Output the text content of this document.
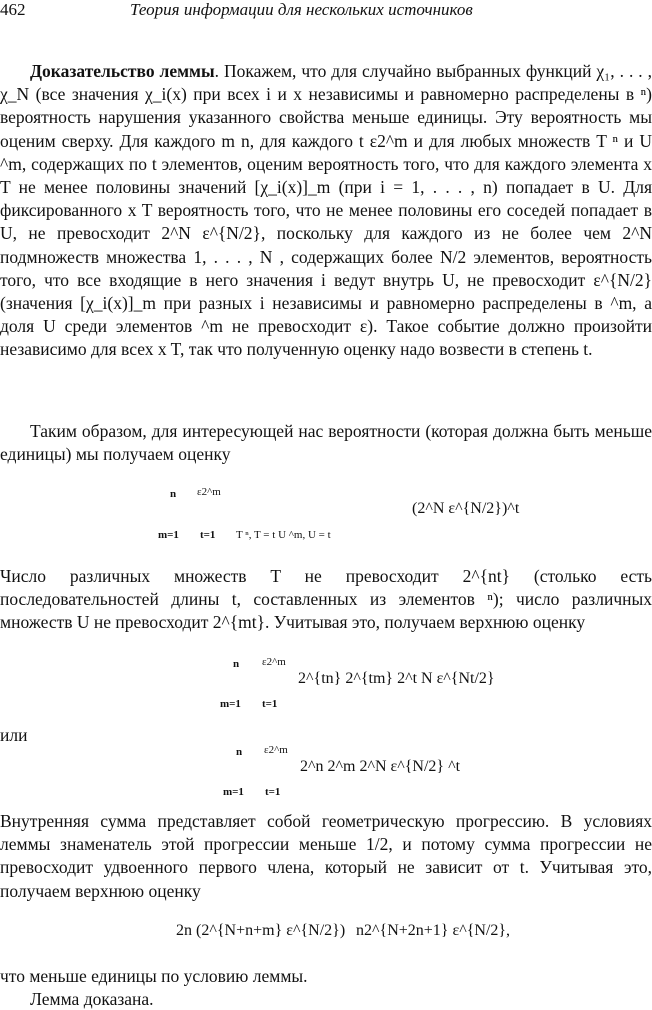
462	Теория информации для нескольких источников
Доказательство леммы. Покажем, что для случайно выбранных функций χ₁, . . . , χ_N (все значения χ_i(x) при всех i и x независимы и равномерно распределены в ⁿ) вероятность нарушения указанного свойства меньше единицы. Эту вероятность мы оценим сверху. Для каждого m n, для каждого t ε2^m и для любых множеств T ⁿ и U ^m, содержащих по t элементов, оценим вероятность того, что для каждого элемента x T не менее половины значений [χ_i(x)]_m (при i = 1, . . . , n) попадает в U. Для фиксированного x T вероятность того, что не менее половины его соседей попадает в U, не превосходит 2^N ε^{N/2}, поскольку для каждого из не более чем 2^N подмножеств множества 1, . . . , N , содержащих более N/2 элементов, вероятность того, что все входящие в него значения i ведут внутрь U, не превосходит ε^{N/2} (значения [χ_i(x)]_m при разных i независимы и равномерно распределены в ^m, а доля U среди элементов ^m не превосходит ε). Такое событие должно произойти независимо для всех x T, так что полученную оценку надо возвести в степень t.
Таким образом, для интересующей нас вероятности (которая должна быть меньше единицы) мы получаем оценку
n ε2^m
m=1 t=1 T ⁿ, T = t U ^m, U = t
(2^N ε^{N/2})^t
Число различных множеств T не превосходит 2^{nt} (столько есть последовательностей длины t, составленных из элементов ⁿ); число различных множеств U не превосходит 2^{mt}. Учитывая это, получаем верхнюю оценку
n ε2^m
m=1 t=1
2^{tn} 2^{tm} 2^t N ε^{Nt/2}
или
n ε2^m
m=1 t=1
2^n 2^m 2^N ε^{N/2} ^t
Внутренняя сумма представляет собой геометрическую прогрессию. В условиях леммы знаменатель этой прогрессии меньше 1/2, и потому сумма прогрессии не превосходит удвоенного первого члена, который не зависит от t. Учитывая это, получаем верхнюю оценку
2n (2^{N+n+m} ε^{N/2}) n2^{N+2n+1} ε^{N/2},
что меньше единицы по условию леммы.
Лемма доказана.
